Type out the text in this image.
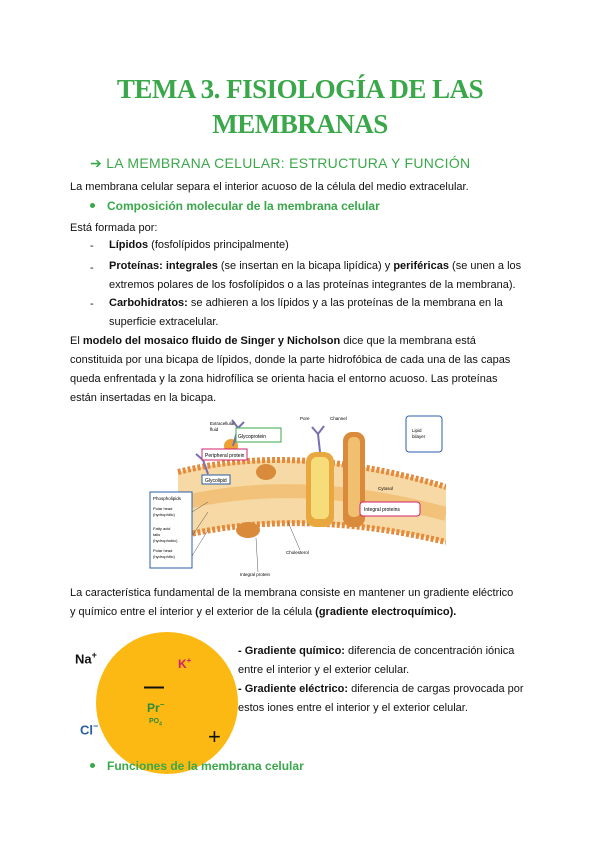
TEMA 3. FISIOLOGÍA DE LAS
MEMBRANAS
➔ LA MEMBRANA CELULAR: ESTRUCTURA Y FUNCIÓN
La membrana celular separa el interior acuoso de la célula del medio extracelular.
Composición molecular de la membrana celular
Está formada por:
- Lípidos (fosfolípidos principalmente)
- Proteínas: integrales (se insertan en la bicapa lipídica) y periféricas (se unen a los
extremos polares de los fosfolípidos o a las proteínas integrantes de la membrana).
- Carbohidratos: se adhieren a los lípidos y a las proteínas de la membrana en la
superficie extracelular.
El modelo del mosaico fluido de Singer y Nicholson dice que la membrana está
constituida por una bicapa de lípidos, donde la parte hidrofóbica de cada una de las capas
queda enfrentada y la zona hidrofílica se orienta hacia el entorno acuoso. Las proteínas
están insertadas en la bicapa.
Glycoprotein
Extracellular
fluid
Peripheral protein
Glycolipid
Pore	Channel
Lipid
bilayer
Cytosol
Integral proteins
Phospholipids
Polar head
(hydrophilic)
Fatty acid
tails
(hydrophobic)
Polar head
(hydrophilic)
Cholesterol
Integral protein
La característica fundamental de la membrana consiste en mantener un gradiente eléctrico
y químico entre el interior y el exterior de la célula (gradiente electroquímico).
Na+
Cl−
K+
—
Pr−
$PO_4$ +
- Gradiente químico: diferencia de concentración iónica
entre el interior y el exterior celular.
- Gradiente eléctrico: diferencia de cargas provocada por
estos iones entre el interior y el exterior celular.
Funciones de la membrana celular
